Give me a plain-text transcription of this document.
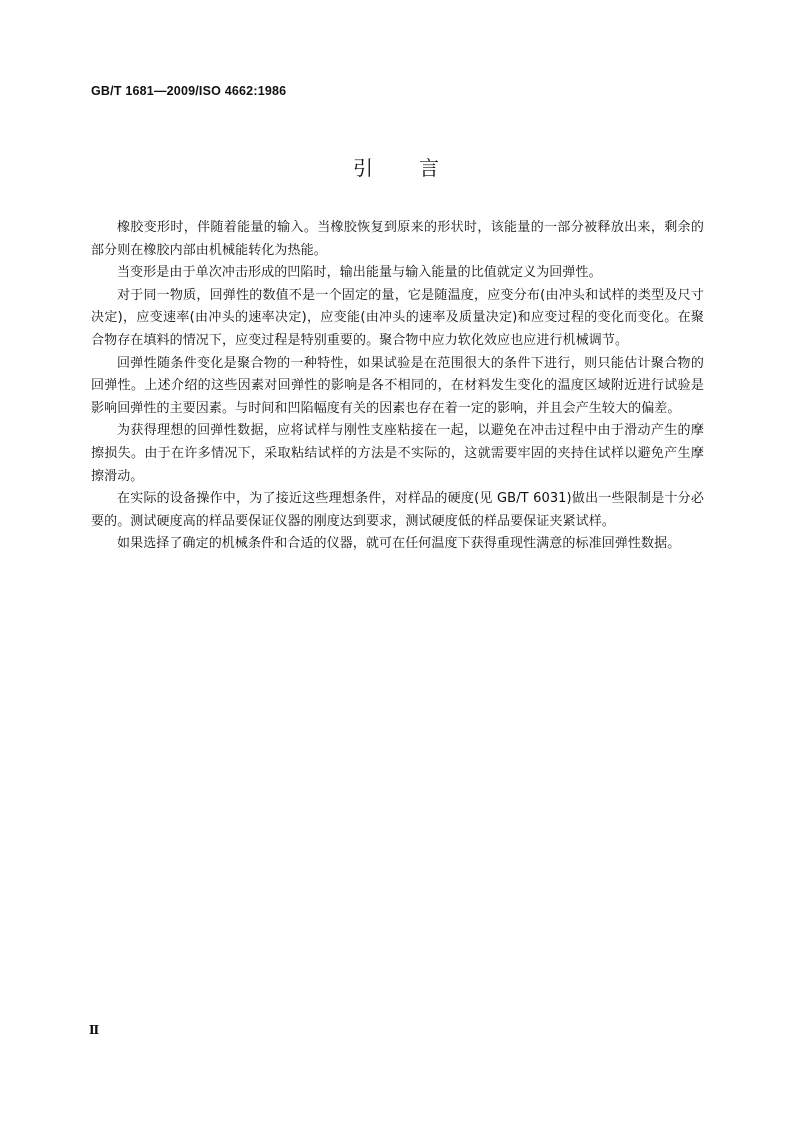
GB/T 1681—2009/ISO 4662:1986
引　　言

橡胶变形时，伴随着能量的输入。当橡胶恢复到原来的形状时，该能量的一部分被释放出来，剩余的部分则在橡胶内部由机械能转化为热能。

当变形是由于单次冲击形成的凹陷时，输出能量与输入能量的比值就定义为回弹性。

对于同一物质，回弹性的数值不是一个固定的量，它是随温度，应变分布(由冲头和试样的类型及尺寸决定)，应变速率(由冲头的速率决定)，应变能(由冲头的速率及质量决定)和应变过程的变化而变化。在聚合物存在填料的情况下，应变过程是特别重要的。聚合物中应力软化效应也应进行机械调节。

回弹性随条件变化是聚合物的一种特性，如果试验是在范围很大的条件下进行，则只能估计聚合物的回弹性。上述介绍的这些因素对回弹性的影响是各不相同的，在材料发生变化的温度区域附近进行试验是影响回弹性的主要因素。与时间和凹陷幅度有关的因素也存在着一定的影响，并且会产生较大的偏差。

为获得理想的回弹性数据，应将试样与刚性支座粘接在一起，以避免在冲击过程中由于滑动产生的摩擦损失。由于在许多情况下，采取粘结试样的方法是不实际的，这就需要牢固的夹持住试样以避免产生摩擦滑动。

在实际的设备操作中，为了接近这些理想条件，对样品的硬度(见 GB/T 6031)做出一些限制是十分必要的。测试硬度高的样品要保证仪器的刚度达到要求，测试硬度低的样品要保证夹紧试样。

如果选择了确定的机械条件和合适的仪器，就可在任何温度下获得重现性满意的标准回弹性数据。

Ⅱ
